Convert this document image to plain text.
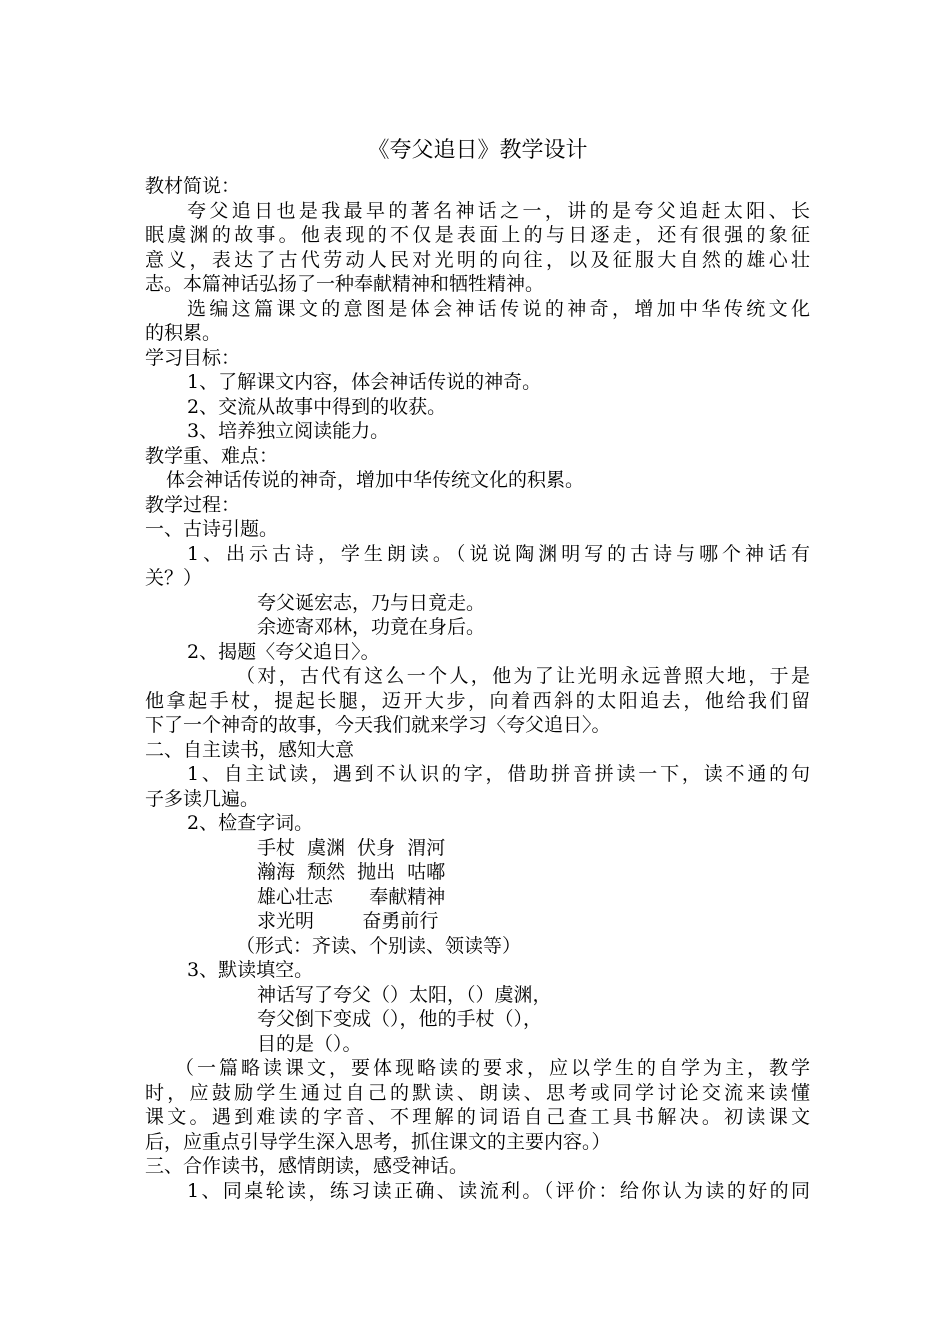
《夸父追日》教学设计
教材简说：
夸父追日也是我最早的著名神话之一，讲的是夸父追赶太阳、长
眠虞渊的故事。他表现的不仅是表面上的与日逐走，还有很强的象征
意义，表达了古代劳动人民对光明的向往，以及征服大自然的雄心壮
志。本篇神话弘扬了一种奉献精神和牺牲精神。
选编这篇课文的意图是体会神话传说的神奇，增加中华传统文化
的积累。
学习目标：
1、了解课文内容，体会神话传说的神奇。
2、交流从故事中得到的收获。
3、培养独立阅读能力。
教学重、难点：
体会神话传说的神奇，增加中华传统文化的积累。
教学过程：
一、古诗引题。
1、出示古诗，学生朗读。（说说陶渊明写的古诗与哪个神话有
关？）
夸父诞宏志，乃与日竟走。
余迹寄邓林，功竟在身后。
2、揭题〈夸父追日〉。
（对，古代有这么一个人，他为了让光明永远普照大地，于是
他拿起手杖，提起长腿，迈开大步，向着西斜的太阳追去，他给我们留
下了一个神奇的故事，今天我们就来学习〈夸父追日〉。
二、自主读书，感知大意
1、自主试读，遇到不认识的字，借助拼音拼读一下，读不通的句
子多读几遍。
2、检查字词。
手杖  虞渊  伏身  渭河
瀚海  颓然  抛出  咕嘟
雄心壮志      奉献精神
求光明        奋勇前行
（形式：齐读、个别读、领读等）
3、默读填空。
神话写了夸父（）太阳，（）虞渊，
夸父倒下变成（），他的手杖（），
目的是（）。
（一篇略读课文，要体现略读的要求，应以学生的自学为主，教学
时，应鼓励学生通过自己的默读、朗读、思考或同学讨论交流来读懂
课文。遇到难读的字音、不理解的词语自己查工具书解决。初读课文
后，应重点引导学生深入思考，抓住课文的主要内容。）
三、合作读书，感情朗读，感受神话。
1、同桌轮读，练习读正确、读流利。（评价：给你认为读的好的同
